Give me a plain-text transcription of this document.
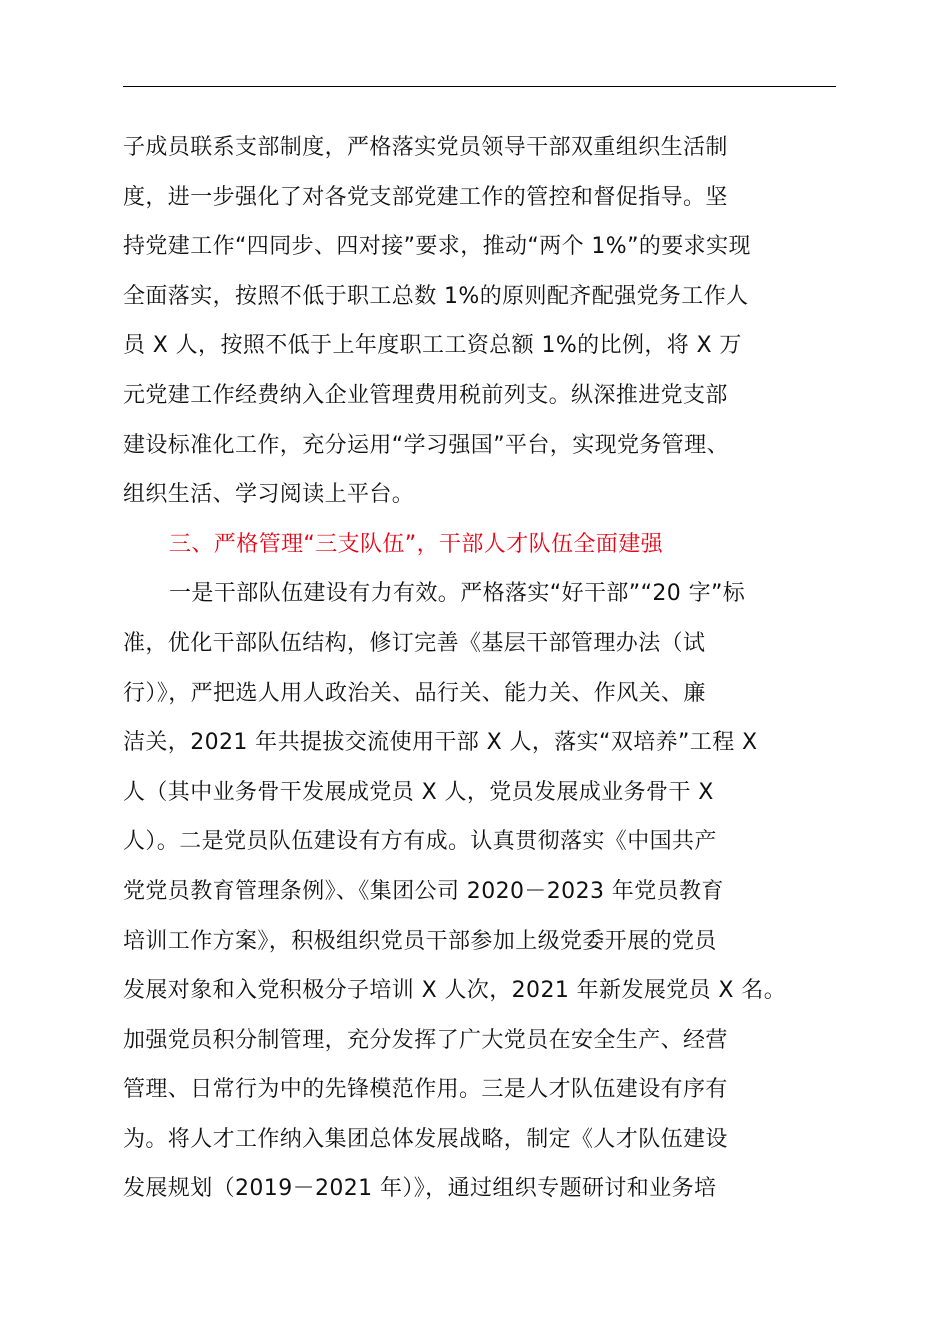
子成员联系支部制度，严格落实党员领导干部双重组织生活制
度，进一步强化了对各党支部党建工作的管控和督促指导。坚
持党建工作“四同步、四对接”要求，推动“两个 1%”的要求实现
全面落实，按照不低于职工总数 1%的原则配齐配强党务工作人
员 X 人，按照不低于上年度职工工资总额 1%的比例，将 X 万
元党建工作经费纳入企业管理费用税前列支。纵深推进党支部
建设标准化工作，充分运用“学习强国”平台，实现党务管理、
组织生活、学习阅读上平台。
三、严格管理“三支队伍”，干部人才队伍全面建强
一是干部队伍建设有力有效。严格落实“好干部”“20 字”标
准，优化干部队伍结构，修订完善《基层干部管理办法（试
行）》，严把选人用人政治关、品行关、能力关、作风关、廉
洁关，2021 年共提拔交流使用干部 X 人，落实“双培养”工程 X
人（其中业务骨干发展成党员 X 人，党员发展成业务骨干 X
人）。二是党员队伍建设有方有成。认真贯彻落实《中国共产
党党员教育管理条例》、《集团公司 2020－2023 年党员教育
培训工作方案》，积极组织党员干部参加上级党委开展的党员
发展对象和入党积极分子培训 X 人次，2021 年新发展党员 X 名。
加强党员积分制管理，充分发挥了广大党员在安全生产、经营
管理、日常行为中的先锋模范作用。三是人才队伍建设有序有
为。将人才工作纳入集团总体发展战略，制定《人才队伍建设
发展规划（2019－2021 年）》，通过组织专题研讨和业务培
